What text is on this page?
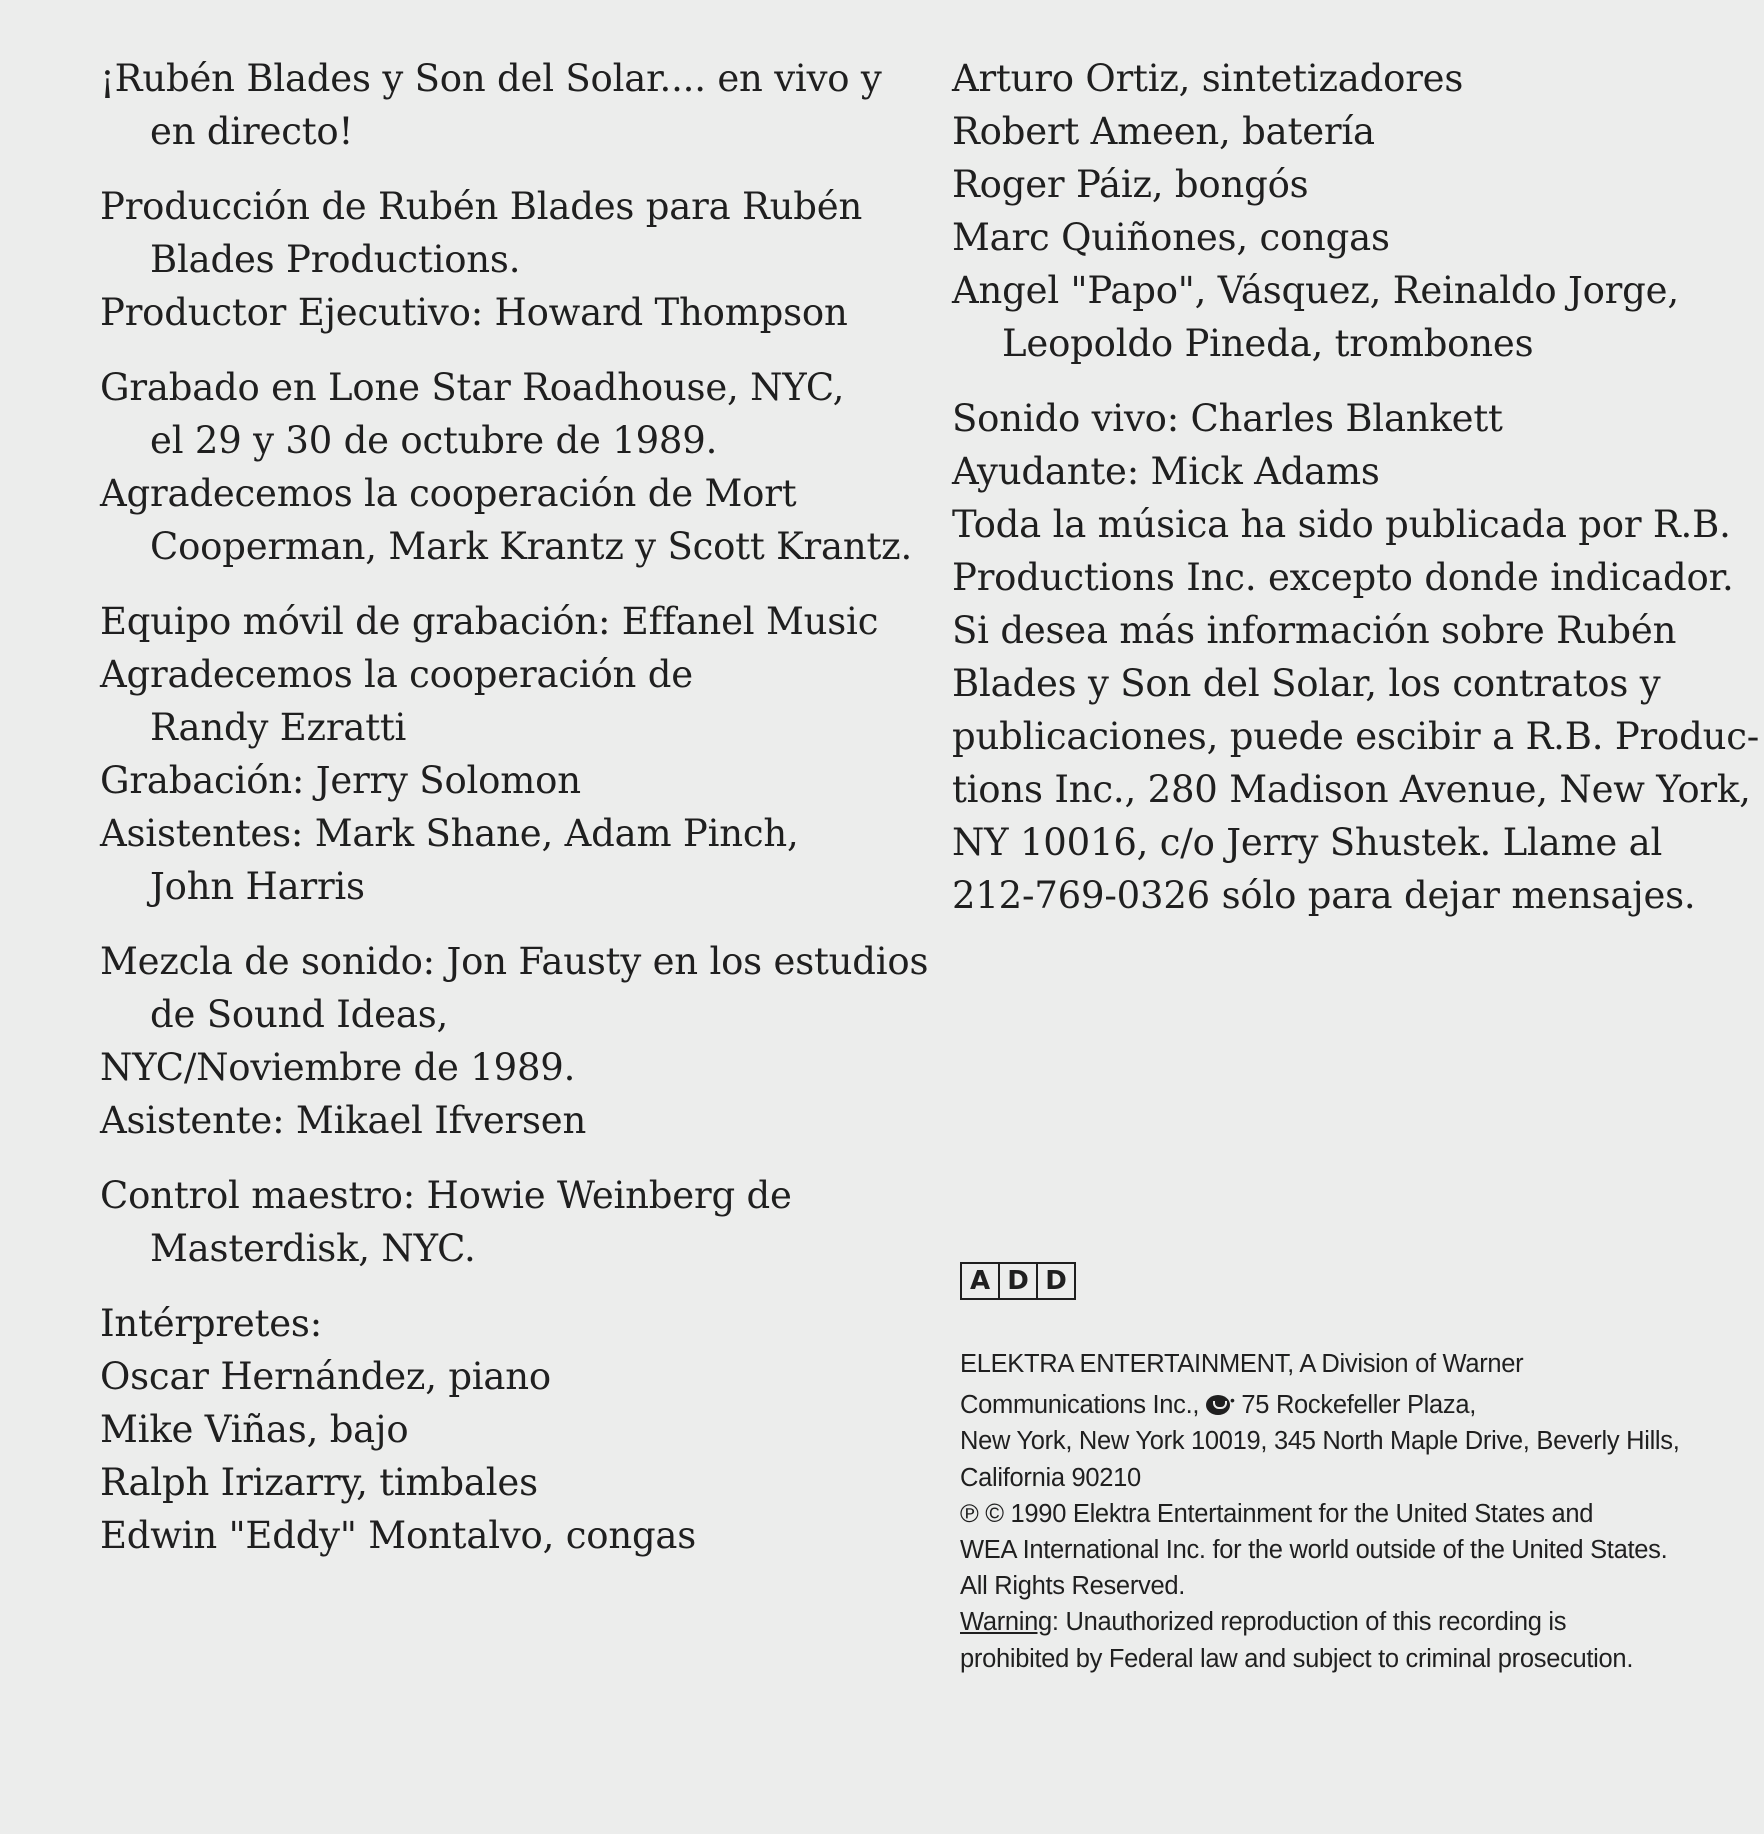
¡Rubén Blades y Son del Solar.... en vivo y
en directo!
Producción de Rubén Blades para Rubén
Blades Productions.
Productor Ejecutivo: Howard Thompson
Grabado en Lone Star Roadhouse, NYC,
el 29 y 30 de octubre de 1989.
Agradecemos la cooperación de Mort
Cooperman, Mark Krantz y Scott Krantz.
Equipo móvil de grabación: Effanel Music
Agradecemos la cooperación de
Randy Ezratti
Grabación: Jerry Solomon
Asistentes: Mark Shane, Adam Pinch,
John Harris
Mezcla de sonido: Jon Fausty en los estudios
de Sound Ideas,
NYC/Noviembre de 1989.
Asistente: Mikael Ifversen
Control maestro: Howie Weinberg de
Masterdisk, NYC.
Intérpretes:
Oscar Hernández, piano
Mike Viñas, bajo
Ralph Irizarry, timbales
Edwin "Eddy" Montalvo, congas
Arturo Ortiz, sintetizadores
Robert Ameen, batería
Roger Páiz, bongós
Marc Quiñones, congas
Angel "Papo", Vásquez, Reinaldo Jorge,
Leopoldo Pineda, trombones
Sonido vivo: Charles Blankett
Ayudante: Mick Adams
Toda la música ha sido publicada por R.B.
Productions Inc. excepto donde indicador.
Si desea más información sobre Rubén
Blades y Son del Solar, los contratos y
publicaciones, puede escibir a R.B. Produc-
tions Inc., 280 Madison Avenue, New York,
NY 10016, c/o Jerry Shustek. Llame al
212-769-0326 sólo para dejar mensajes.
A D D
ELEKTRA ENTERTAINMENT, A Division of Warner
Communications Inc., • 75 Rockefeller Plaza,
New York, New York 10019, 345 North Maple Drive, Beverly Hills,
California 90210
℗ © 1990 Elektra Entertainment for the United States and
WEA International Inc. for the world outside of the United States.
All Rights Reserved.
Warning: Unauthorized reproduction of this recording is
prohibited by Federal law and subject to criminal prosecution.
